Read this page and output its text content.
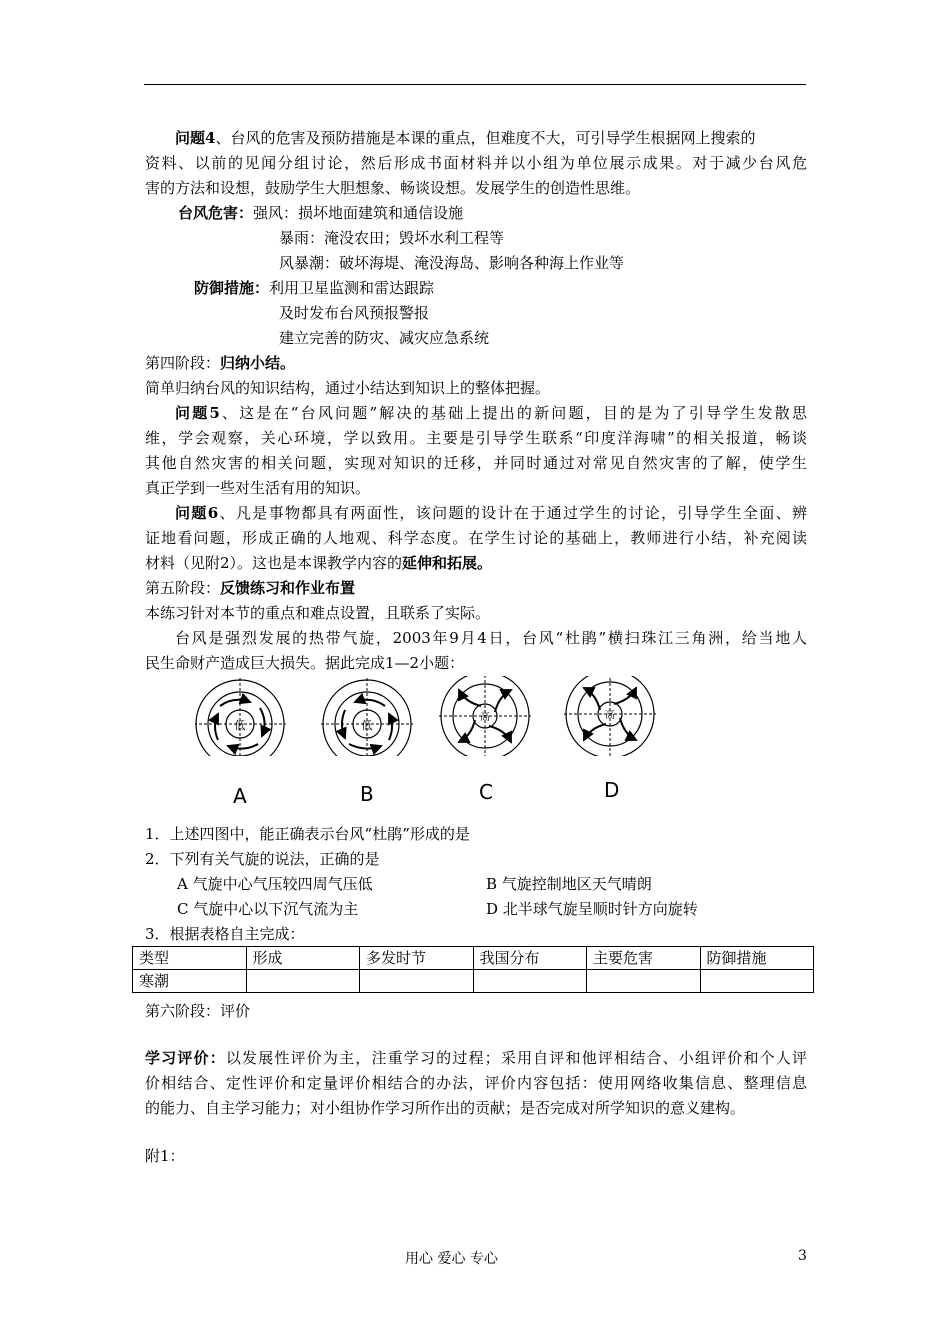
问题4、台风的危害及预防措施是本课的重点，但难度不大，可引导学生根据网上搜索的
资料、以前的见闻分组讨论，然后形成书面材料并以小组为单位展示成果。对于减少台风危
害的方法和设想，鼓励学生大胆想象、畅谈设想。发展学生的创造性思维。
台风危害：强风：损坏地面建筑和通信设施
暴雨：淹没农田；毁坏水利工程等
风暴潮：破坏海堤、淹没海岛、影响各种海上作业等
防御措施：利用卫星监测和雷达跟踪
及时发布台风预报警报
建立完善的防灾、减灾应急系统
第四阶段：归纳小结。
简单归纳台风的知识结构，通过小结达到知识上的整体把握。
问题5、这是在“台风问题”解决的基础上提出的新问题，目的是为了引导学生发散思
维，学会观察，关心环境，学以致用。主要是引导学生联系“印度洋海啸”的相关报道，畅谈
其他自然灾害的相关问题，实现对知识的迁移，并同时通过对常见自然灾害的了解，使学生
真正学到一些对生活有用的知识。
问题6、凡是事物都具有两面性，该问题的设计在于通过学生的讨论，引导学生全面、辨
证地看问题，形成正确的人地观、科学态度。在学生讨论的基础上，教师进行小结，补充阅读
材料（见附2）。这也是本课教学内容的延伸和拓展。
第五阶段：反馈练习和作业布置
本练习针对本节的重点和难点设置，且联系了实际。
台风是强烈发展的热带气旋，2003年9月4日，台风“杜鹃”横扫珠江三角洲，给当地人
民生命财产造成巨大损失。据此完成1—2小题：
低	低
高	高
A	B	C	D
1．上述四图中，能正确表示台风“杜鹃”形成的是
2．下列有关气旋的说法，正确的是
A 气旋中心气压较四周气压低	B 气旋控制地区天气晴朗
C 气旋中心以下沉气流为主	D 北半球气旋呈顺时针方向旋转
3．根据表格自主完成：
类型	形成	多发时节	我国分布	主要危害	防御措施
寒潮					
第六阶段：评价
学习评价：以发展性评价为主，注重学习的过程；采用自评和他评相结合、小组评价和个人评
价相结合、定性评价和定量评价相结合的办法，评价内容包括：使用网络收集信息、整理信息
的能力、自主学习能力；对小组协作学习所作出的贡献；是否完成对所学知识的意义建构。
附1：
用心 爱心 专心	3
